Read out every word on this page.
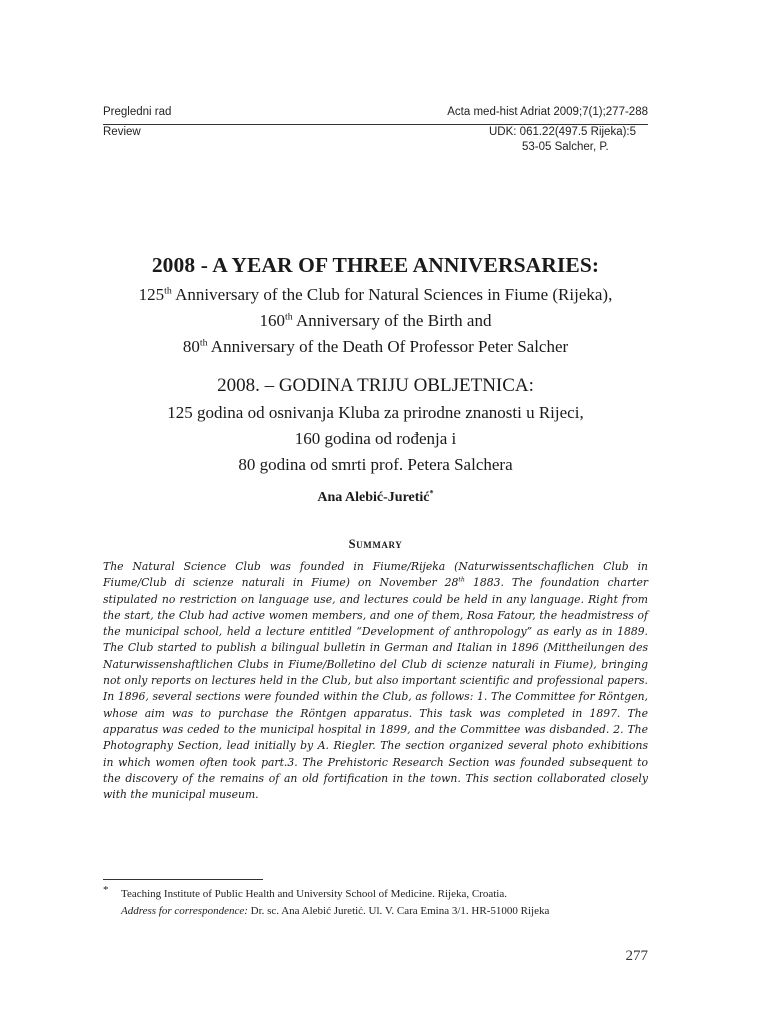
Pregledni rad	Acta med-hist Adriat 2009;7(1);277-288
Review	UDK: 061.22(497.5 Rijeka):5
53-05 Salcher, P.
2008 - A YEAR OF THREE ANNIVERSARIES:
125th Anniversary of the Club for Natural Sciences in Fiume (Rijeka),
160th Anniversary of the Birth and
80th Anniversary of the Death Of Professor Peter Salcher
2008. – GODINA TRIJU OBLJETNICA:
125 godina od osnivanja Kluba za prirodne znanosti u Rijeci,
160 godina od rođenja i
80 godina od smrti prof. Petera Salchera
Ana Alebić-Juretić*
Summary
The Natural Science Club was founded in Fiume/Rijeka (Naturwissentschaflichen Club in Fiume/Club di scienze naturali in Fiume) on November 28th 1883. The foundation charter stipulated no restriction on language use, and lectures could be held in any language. Right from the start, the Club had active women members, and one of them, Rosa Fatour, the headmistress of the municipal school, held a lecture entitled “Development of anthropology” as early as in 1889. The Club started to publish a bilingual bulletin in German and Italian in 1896 (Mittheilungen des Naturwissenshaftlichen Clubs in Fiume/Bolletino del Club di scienze naturali in Fiume), bringing not only reports on lectures held in the Club, but also important scientific and professional papers. In 1896, several sections were founded within the Club, as follows: 1. The Committee for Röntgen, whose aim was to purchase the Röntgen apparatus. This task was completed in 1897. The apparatus was ceded to the municipal hospital in 1899, and the Committee was disbanded. 2. The Photography Section, lead initially by A. Riegler. The section organized several photo exhibitions in which women often took part.3. The Prehistoric Research Section was founded subsequent to the discovery of the remains of an old fortification in the town. This section collaborated closely with the municipal museum.
* Teaching Institute of Public Health and University School of Medicine. Rijeka, Croatia.
Address for correspondence: Dr. sc. Ana Alebić Juretić. Ul. V. Cara Emina 3/1. HR-51000 Rijeka
277
